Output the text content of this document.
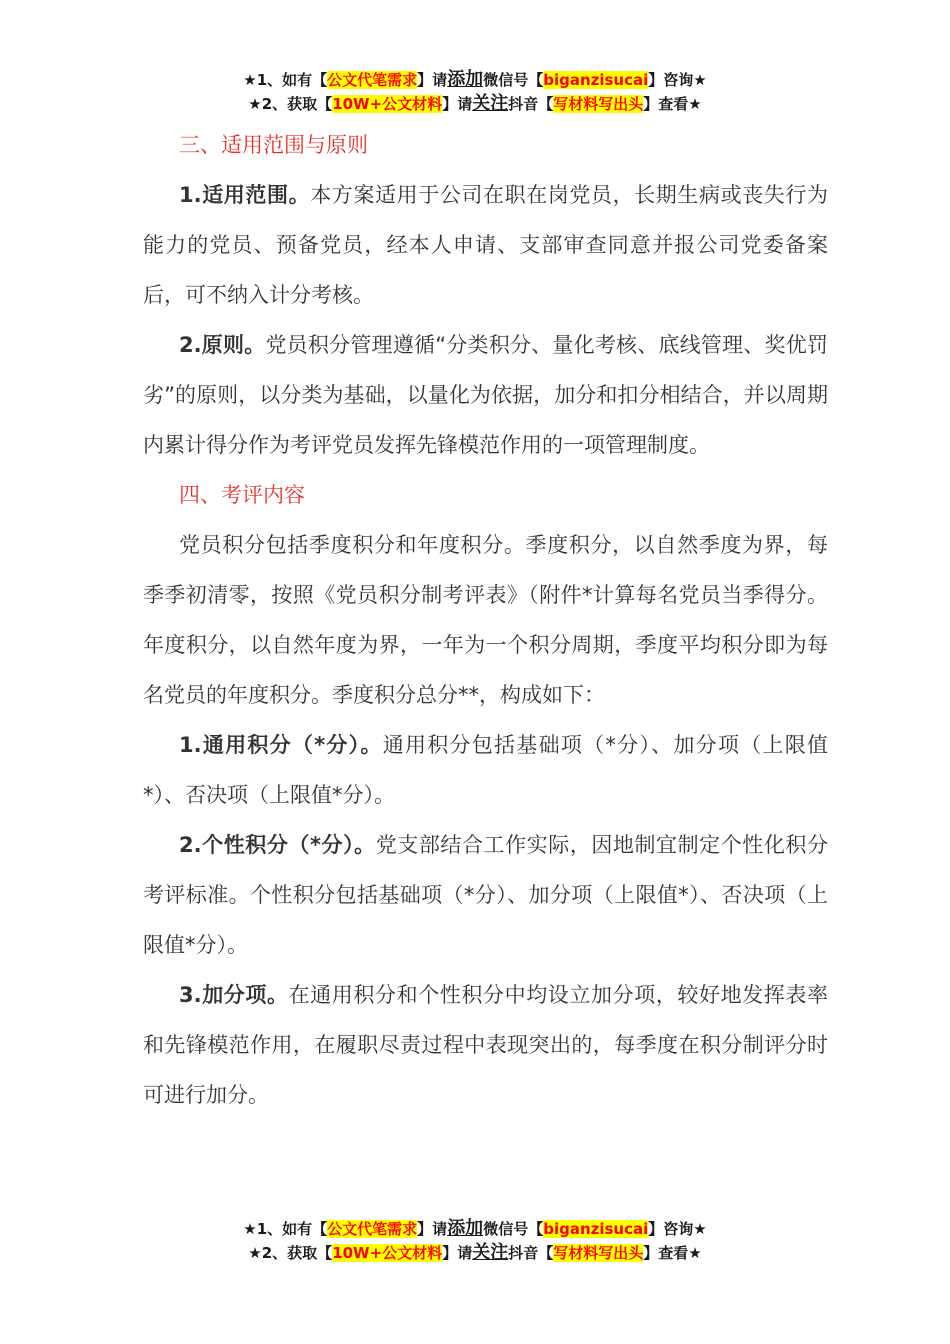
★1、如有【公文代笔需求】请添加微信号【biganzisucai】咨询★
★2、获取【10W+公文材料】请关注抖音【写材料写出头】查看★
三、适用范围与原则

1.适用范围。本方案适用于公司在职在岗党员，长期生病或丧失行为能力的党员、预备党员，经本人申请、支部审查同意并报公司党委备案后，可不纳入计分考核。

2.原则。党员积分管理遵循“分类积分、量化考核、底线管理、奖优罚劣”的原则，以分类为基础，以量化为依据，加分和扣分相结合，并以周期内累计得分作为考评党员发挥先锋模范作用的一项管理制度。

四、考评内容

党员积分包括季度积分和年度积分。季度积分，以自然季度为界，每季季初清零，按照《党员积分制考评表》（附件*计算每名党员当季得分。年度积分，以自然年度为界，一年为一个积分周期，季度平均积分即为每名党员的年度积分。季度积分总分**，构成如下：

1.通用积分（*分）。通用积分包括基础项（*分）、加分项（上限值*）、否决项（上限值*分）。

2.个性积分（*分）。党支部结合工作实际，因地制宜制定个性化积分考评标准。个性积分包括基础项（*分）、加分项（上限值*）、否决项（上限值*分）。

3.加分项。在通用积分和个性积分中均设立加分项，较好地发挥表率和先锋模范作用，在履职尽责过程中表现突出的，每季度在积分制评分时可进行加分。

★1、如有【公文代笔需求】请添加微信号【biganzisucai】咨询★
★2、获取【10W+公文材料】请关注抖音【写材料写出头】查看★
